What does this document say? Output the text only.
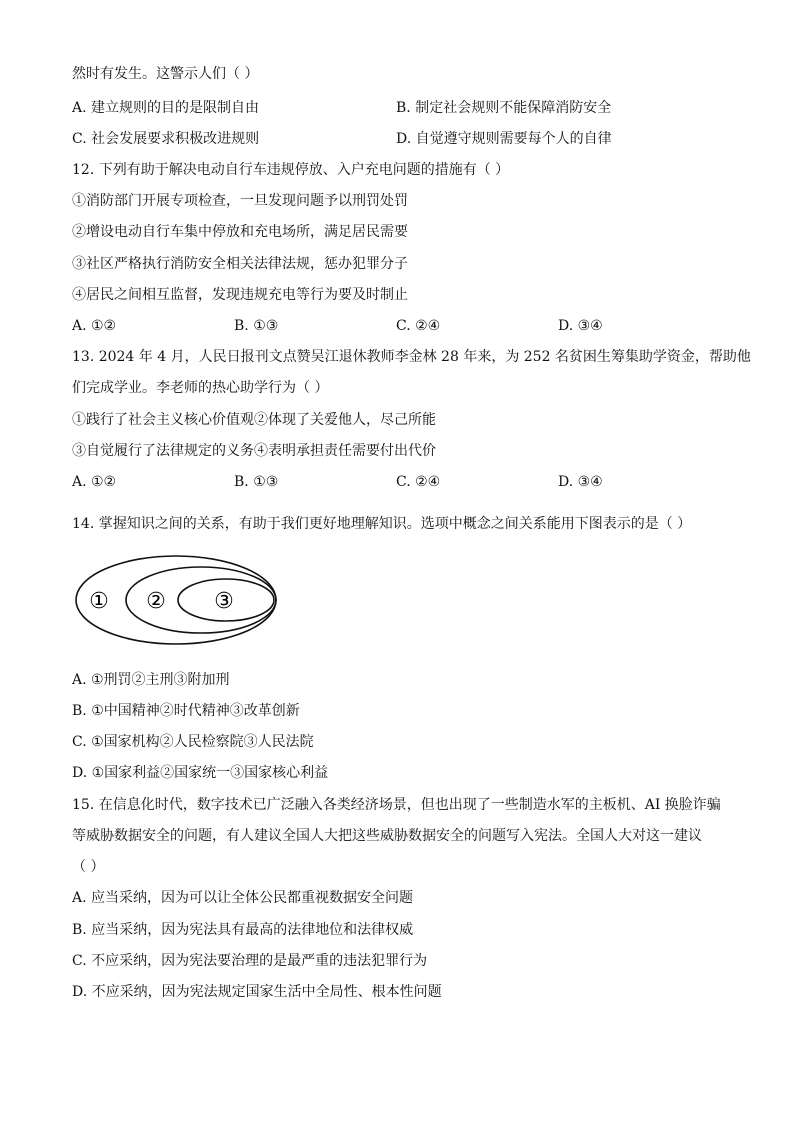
然时有发生。这警示人们（ ）
A. 建立规则的目的是限制自由	B. 制定社会规则不能保障消防安全
C. 社会发展要求积极改进规则	D. 自觉遵守规则需要每个人的自律
12. 下列有助于解决电动自行车违规停放、入户充电问题的措施有（ ）
①消防部门开展专项检查，一旦发现问题予以刑罚处罚
②增设电动自行车集中停放和充电场所，满足居民需要
③社区严格执行消防安全相关法律法规，惩办犯罪分子
④居民之间相互监督，发现违规充电等行为要及时制止
A. ①②	B. ①③	C. ②④	D. ③④
13. 2024 年 4 月，人民日报刊文点赞吴江退休教师李金林 28 年来，为 252 名贫困生筹集助学资金，帮助他
们完成学业。李老师的热心助学行为（ ）
①践行了社会主义核心价值观②体现了关爱他人，尽己所能
③自觉履行了法律规定的义务④表明承担责任需要付出代价
A. ①②	B. ①③	C. ②④	D. ③④
14. 掌握知识之间的关系，有助于我们更好地理解知识。选项中概念之间关系能用下图表示的是（ ）
① ② ③
A. ①刑罚②主刑③附加刑
B. ①中国精神②时代精神③改革创新
C. ①国家机构②人民检察院③人民法院
D. ①国家利益②国家统一③国家核心利益
15. 在信息化时代，数字技术已广泛融入各类经济场景，但也出现了一些制造水军的主板机、AI 换脸诈骗
等威胁数据安全的问题，有人建议全国人大把这些威胁数据安全的问题写入宪法。全国人大对这一建议
（ ）
A. 应当采纳，因为可以让全体公民都重视数据安全问题
B. 应当采纳，因为宪法具有最高的法律地位和法律权威
C. 不应采纳，因为宪法要治理的是最严重的违法犯罪行为
D. 不应采纳，因为宪法规定国家生活中全局性、根本性问题
